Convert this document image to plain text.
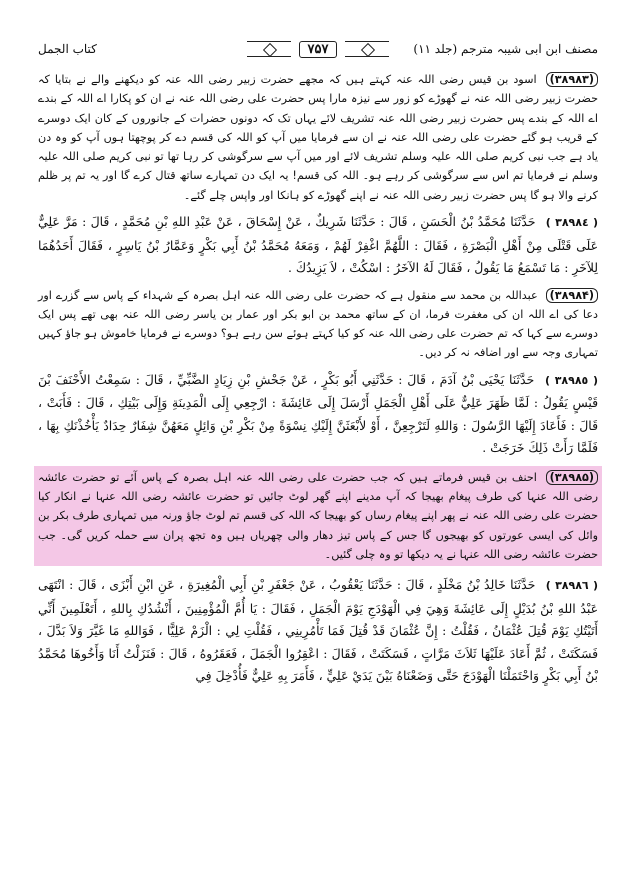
مصنف ابن ابی شیبہ مترجم (جلد ۱۱)
۷۵۷
کتاب الجمل

(۳۸۹۸۳) اسود بن قیس رضی اللہ عنہ کہتے ہیں کہ مجھے حضرت زبیر رضی اللہ عنہ کو دیکھنے والے نے بتایا کہ حضرت زبیر رضی اللہ عنہ نے گھوڑے کو زور سے نیزہ مارا پس حضرت علی رضی اللہ عنہ نے ان کو پکارا اے اللہ کے بندے اے اللہ کے بندے پس حضرت زبیر رضی اللہ عنہ تشریف لائے یہاں تک کہ دونوں حضرات کے جانوروں کے کان ایک دوسرے کے قریب ہو گئے حضرت علی رضی اللہ عنہ نے ان سے فرمایا میں آپ کو اللہ کی قسم دے کر پوچھتا ہوں آپ کو وہ دن یاد ہے جب نبی کریم صلی اللہ علیہ وسلم تشریف لائے اور میں آپ سے سرگوشی کر رہا تھا تو نبی کریم صلی اللہ علیہ وسلم نے فرمایا تم اس سے سرگوشی کر رہے ہو۔ اللہ کی قسم! یہ ایک دن تمہارے ساتھ قتال کرے گا اور یہ تم پر ظلم کرنے والا ہو گا پس حضرت زبیر رضی اللہ عنہ نے اپنے گھوڑے کو ہانکا اور واپس چلے گئے۔

( ٣٨٩٨٤ ) حَدَّثَنَا مُحَمَّدُ بْنُ الْحَسَنِ ، قَالَ : حَدَّثَنَا شَرِيكٌ ، عَنْ إِسْحَاقَ ، عَنْ عَبْدِ اللهِ بْنِ مُحَمَّدٍ ، قَالَ : مَرَّ عَلِيٌّ عَلَى قَتْلَى مِنْ أَهْلِ الْبَصْرَةِ ، فَقَالَ : اللَّهُمَّ اغْفِرْ لَهُمْ ، وَمَعَهُ مُحَمَّدُ بْنُ أَبِي بَكْرٍ وَعَمَّارُ بْنُ يَاسِرٍ ، فَقَالَ أَحَدُهُمَا لِلآخَرِ : مَا تَسْمَعُ مَا يَقُولُ ، فَقَالَ لَهُ الآخَرُ : اسْكُتْ ، لاَ يَزِيدُكَ .

(۳۸۹۸۴) عبداللہ بن محمد سے منقول ہے کہ حضرت علی رضی اللہ عنہ اہل بصرہ کے شہداء کے پاس سے گزرے اور دعا کی اے اللہ ان کی مغفرت فرما، ان کے ساتھ محمد بن ابو بکر اور عمار بن یاسر رضی اللہ عنہ بھی تھے پس ایک دوسرے سے کہا کہ تم حضرت علی رضی اللہ عنہ کو کیا کہتے ہوئے سن رہے ہو؟ دوسرے نے فرمایا خاموش ہو جاؤ کہیں تمہاری وجہ سے اور اضافہ نہ کر دیں۔

( ٣٨٩٨٥ ) حَدَّثَنَا يَحْيَى بْنُ آدَمَ ، قَالَ : حَدَّثَنِي أَبُو بَكْرٍ ، عَنْ جَحْشِ بْنِ زِيَادٍ الضَّبِّيِّ ، قَالَ : سَمِعْتُ الأَحْنَفَ بْنَ قَيْسٍ يَقُولُ : لَمَّا ظَهَرَ عَلِيٌّ عَلَى أَهْلِ الْجَمَلِ أَرْسَلَ إِلَى عَائِشَةَ : ارْجِعِي إِلَى الْمَدِينَةِ وَإِلَى بَيْتِكِ ، قَالَ : فَأَبَتْ ، قَالَ : فَأَعَادَ إِلَيْهَا الرَّسُولَ : وَاللهِ لَتَرْجِعِنَّ ، أَوْ لأَبْعَثَنَّ إِلَيْكِ نِسْوَةً مِنْ بَكْرِ بْنِ وَائِلٍ مَعَهُنَّ شِفَارٌ حِدَادٌ يَأْخُذْنَكِ بِهَا ، فَلَمَّا رَأَتْ ذَلِكَ خَرَجَتْ .

(۳۸۹۸۵) احنف بن قیس فرماتے ہیں کہ جب حضرت علی رضی اللہ عنہ اہل بصرہ کے پاس آئے تو حضرت عائشہ رضی اللہ عنہا کی طرف پیغام بھیجا کہ آپ مدینے اپنے گھر لوٹ جائیں تو حضرت عائشہ رضی اللہ عنہا نے انکار کیا حضرت علی رضی اللہ عنہ نے پھر اپنے پیغام رساں کو بھیجا کہ اللہ کی قسم تم لوٹ جاؤ ورنہ میں تمہاری طرف بکر بن وائل کی ایسی عورتوں کو بھیجوں گا جس کے پاس تیز دھار والی چھریاں ہیں وہ تجھ پران سے حملہ کریں گی۔ جب حضرت عائشہ رضی اللہ عنہا نے یہ دیکھا تو وہ چلی گئیں۔

( ٣٨٩٨٦ ) حَدَّثَنَا خَالِدُ بْنُ مَخْلَدٍ ، قَالَ : حَدَّثَنَا يَعْقُوبُ ، عَنْ جَعْفَرِ بْنِ أَبِي الْمُغِيرَةِ ، عَنِ ابْنِ أَبْزَى ، قَالَ : انْتَهَى عَبْدُ اللهِ بْنُ بُدَيْلٍ إِلَى عَائِشَةَ وَهِيَ فِي الْهَوْدَجِ يَوْمَ الْجَمَلِ ، فَقَالَ : يَا أُمَّ الْمُؤْمِنِينَ ، أَنْشُدُكِ بِاللهِ ، أَتَعْلَمِينَ أَنِّي أَتَيْتُكِ يَوْمَ قُتِلَ عُثْمَانُ ، فَقُلْتُ : إِنَّ عُثْمَانَ قَدْ قُتِلَ فَمَا تَأْمُرِينِي ، فَقُلْتِ لِي : الْزَمْ عَلِيًّا ، فَوَاللهِ مَا غَيَّرَ وَلاَ بَدَّلَ ، فَسَكَتَتْ ، ثُمَّ أَعَادَ عَلَيْهَا ثَلاَثَ مَرَّاتٍ ، فَسَكَتَتْ ، فَقَالَ : اعْقِرُوا الْجَمَلَ ، فَعَقَرُوهُ ، قَالَ : فَنَزَلْتُ أَنَا وَأَخُوهَا مُحَمَّدُ بْنُ أَبِي بَكْرٍ وَاحْتَمَلْنَا الْهَوْدَجَ حَتَّى وَضَعْنَاهُ بَيْنَ يَدَيْ عَلِيٍّ ، فَأَمَرَ بِهِ عَلِيٌّ فَأُدْخِلَ فِي
